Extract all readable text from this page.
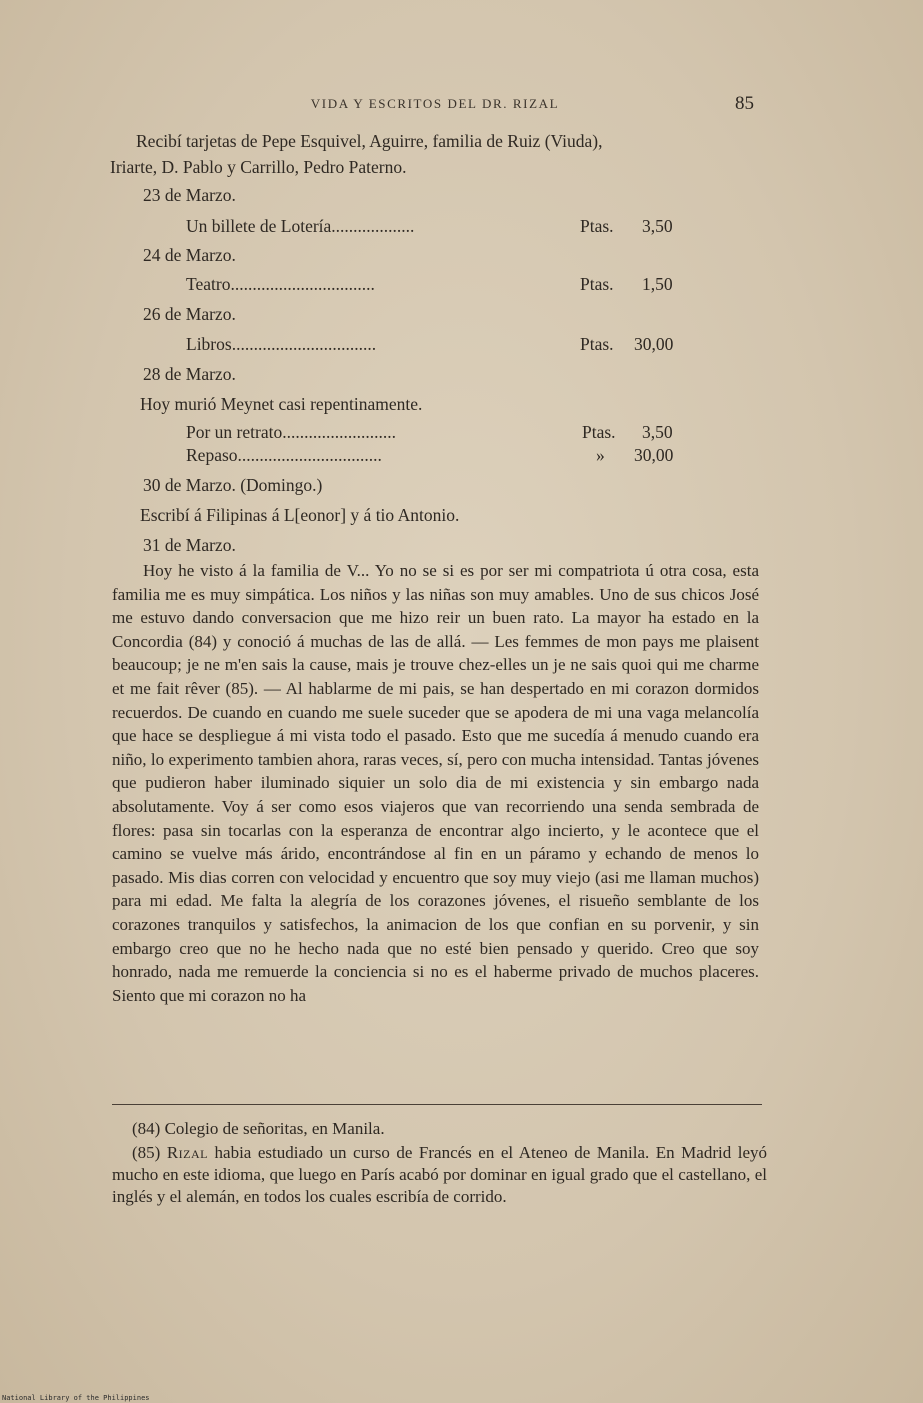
VIDA Y ESCRITOS DEL DR. RIZAL	85
Recibí tarjetas de Pepe Esquivel, Aguirre, familia de Ruiz (Viuda),
Iriarte, D. Pablo y Carrillo, Pedro Paterno.
23 de Marzo.
Un billete de Lotería...................	Ptas. 3,50
24 de Marzo.
Teatro.................................	Ptas. 1,50
26 de Marzo.
Libros.................................	Ptas. 30,00
28 de Marzo.
Hoy murió Meynet casi repentinamente.
Por un retrato..........................	Ptas. 3,50
Repaso.................................	» 30,00
30 de Marzo. (Domingo.)
Escribí á Filipinas á L[eonor] y á tio Antonio.
31 de Marzo.

Hoy he visto á la familia de V... Yo no se si es por ser mi compatriota ú otra cosa, esta familia me es muy simpática. Los niños y las niñas son muy amables. Uno de sus chicos José me estuvo dando conversacion que me hizo reir un buen rato. La mayor ha estado en la Concordia (84) y conoció á muchas de las de allá. — Les femmes de mon pays me plaisent beaucoup; je ne m'en sais la cause, mais je trouve chez-elles un je ne sais quoi qui me charme et me fait rêver (85). — Al hablarme de mi pais, se han despertado en mi corazon dormidos recuerdos. De cuando en cuando me suele suceder que se apodera de mi una vaga melancolía que hace se despliegue á mi vista todo el pasado. Esto que me sucedía á menudo cuando era niño, lo experimento tambien ahora, raras veces, sí, pero con mucha intensidad. Tantas jóvenes que pudieron haber iluminado siquier un solo dia de mi existencia y sin embargo nada absolutamente. Voy á ser como esos viajeros que van recorriendo una senda sembrada de flores: pasa sin tocarlas con la esperanza de encontrar algo incierto, y le acontece que el camino se vuelve más árido, encontrándose al fin en un páramo y echando de menos lo pasado. Mis dias corren con velocidad y encuentro que soy muy viejo (asi me llaman muchos) para mi edad. Me falta la alegría de los corazones jóvenes, el risueño semblante de los corazones tranquilos y satisfechos, la animacion de los que confian en su porvenir, y sin embargo creo que no he hecho nada que no esté bien pensado y querido. Creo que soy honrado, nada me remuerde la conciencia si no es el haberme privado de muchos placeres. Siento que mi corazon no ha

(84) Colegio de señoritas, en Manila.

(85) Rizal habia estudiado un curso de Francés en el Ateneo de Manila. En Madrid leyó mucho en este idioma, que luego en París acabó por dominar en igual grado que el castellano, el inglés y el alemán, en todos los cuales escribía de corrido.

National Library of the Philippines
